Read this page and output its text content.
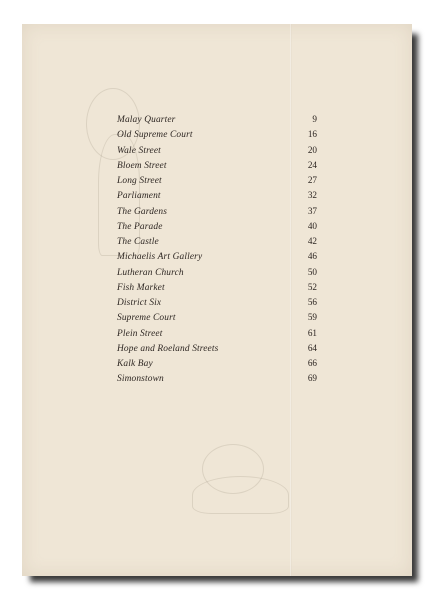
Malay Quarter	9
Old Supreme Court	16
Wale Street	20
Bloem Street	24
Long Street	27
Parliament	32
The Gardens	37
The Parade	40
The Castle	42
Michaelis Art Gallery	46
Lutheran Church	50
Fish Market	52
District Six	56
Supreme Court	59
Plein Street	61
Hope and Roeland Streets	64
Kalk Bay	66
Simonstown	69
